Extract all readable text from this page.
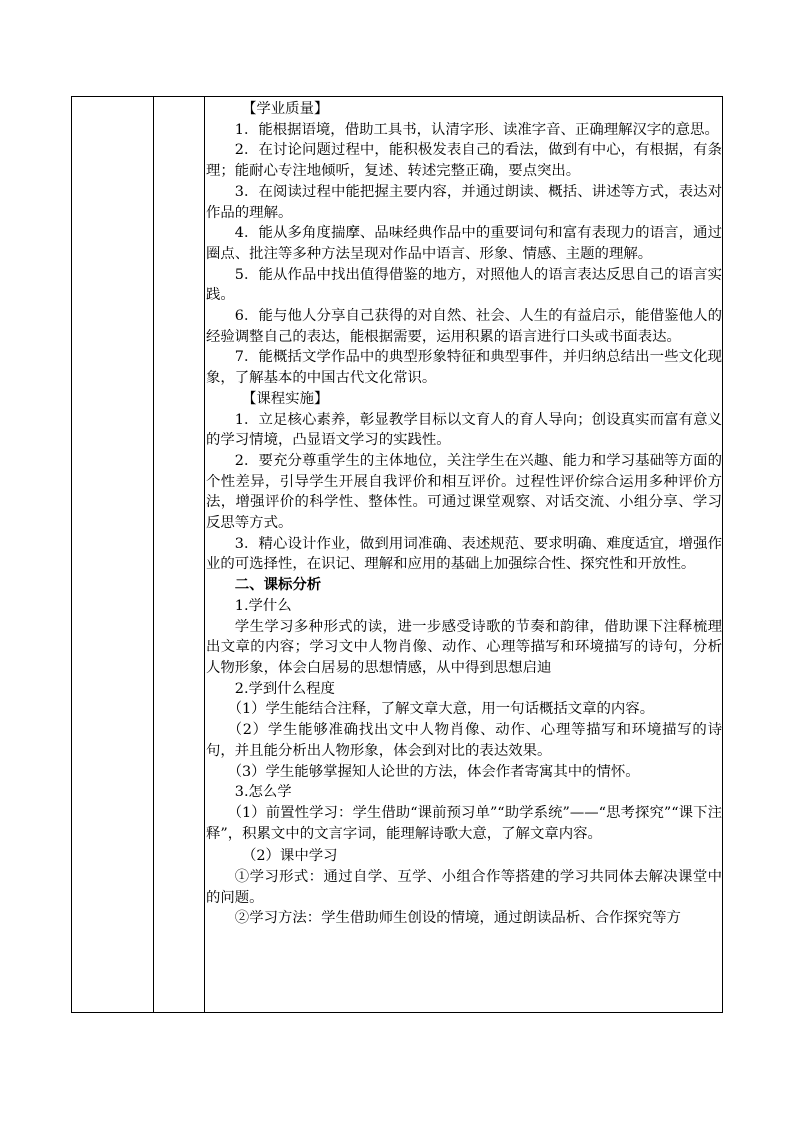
【学业质量】

1．能根据语境，借助工具书，认清字形、读准字音、正确理解汉字的意思。

2．在讨论问题过程中，能积极发表自己的看法，做到有中心，有根据，有条理；能耐心专注地倾听，复述、转述完整正确，要点突出。

3．在阅读过程中能把握主要内容，并通过朗读、概括、讲述等方式，表达对作品的理解。

4．能从多角度揣摩、品味经典作品中的重要词句和富有表现力的语言，通过圈点、批注等多种方法呈现对作品中语言、形象、情感、主题的理解。

5．能从作品中找出值得借鉴的地方，对照他人的语言表达反思自己的语言实践。

6．能与他人分享自己获得的对自然、社会、人生的有益启示，能借鉴他人的经验调整自己的表达，能根据需要，运用积累的语言进行口头或书面表达。

7．能概括文学作品中的典型形象特征和典型事件，并归纳总结出一些文化现象，了解基本的中国古代文化常识。

【课程实施】

1．立足核心素养，彰显教学目标以文育人的育人导向；创设真实而富有意义的学习情境，凸显语文学习的实践性。

2．要充分尊重学生的主体地位，关注学生在兴趣、能力和学习基础等方面的个性差异，引导学生开展自我评价和相互评价。过程性评价综合运用多种评价方法，增强评价的科学性、整体性。可通过课堂观察、对话交流、小组分享、学习反思等方式。

3．精心设计作业，做到用词准确、表述规范、要求明确、难度适宜，增强作业的可选择性，在识记、理解和应用的基础上加强综合性、探究性和开放性。

二、课标分析

1.学什么

学生学习多种形式的读，进一步感受诗歌的节奏和韵律，借助课下注释梳理出文章的内容；学习文中人物肖像、动作、心理等描写和环境描写的诗句，分析人物形象，体会白居易的思想情感，从中得到思想启迪

2.学到什么程度

（1）学生能结合注释，了解文章大意，用一句话概括文章的内容。

（2）学生能够准确找出文中人物肖像、动作、心理等描写和环境描写的诗句，并且能分析出人物形象，体会到对比的表达效果。

（3）学生能够掌握知人论世的方法，体会作者寄寓其中的情怀。

3.怎么学

（1）前置性学习：学生借助“课前预习单”“助学系统”——“思考探究”“课下注释”，积累文中的文言字词，能理解诗歌大意，了解文章内容。

（2）课中学习

①学习形式：通过自学、互学、小组合作等搭建的学习共同体去解决课堂中的问题。

②学习方法：学生借助师生创设的情境，通过朗读品析、合作探究等方
